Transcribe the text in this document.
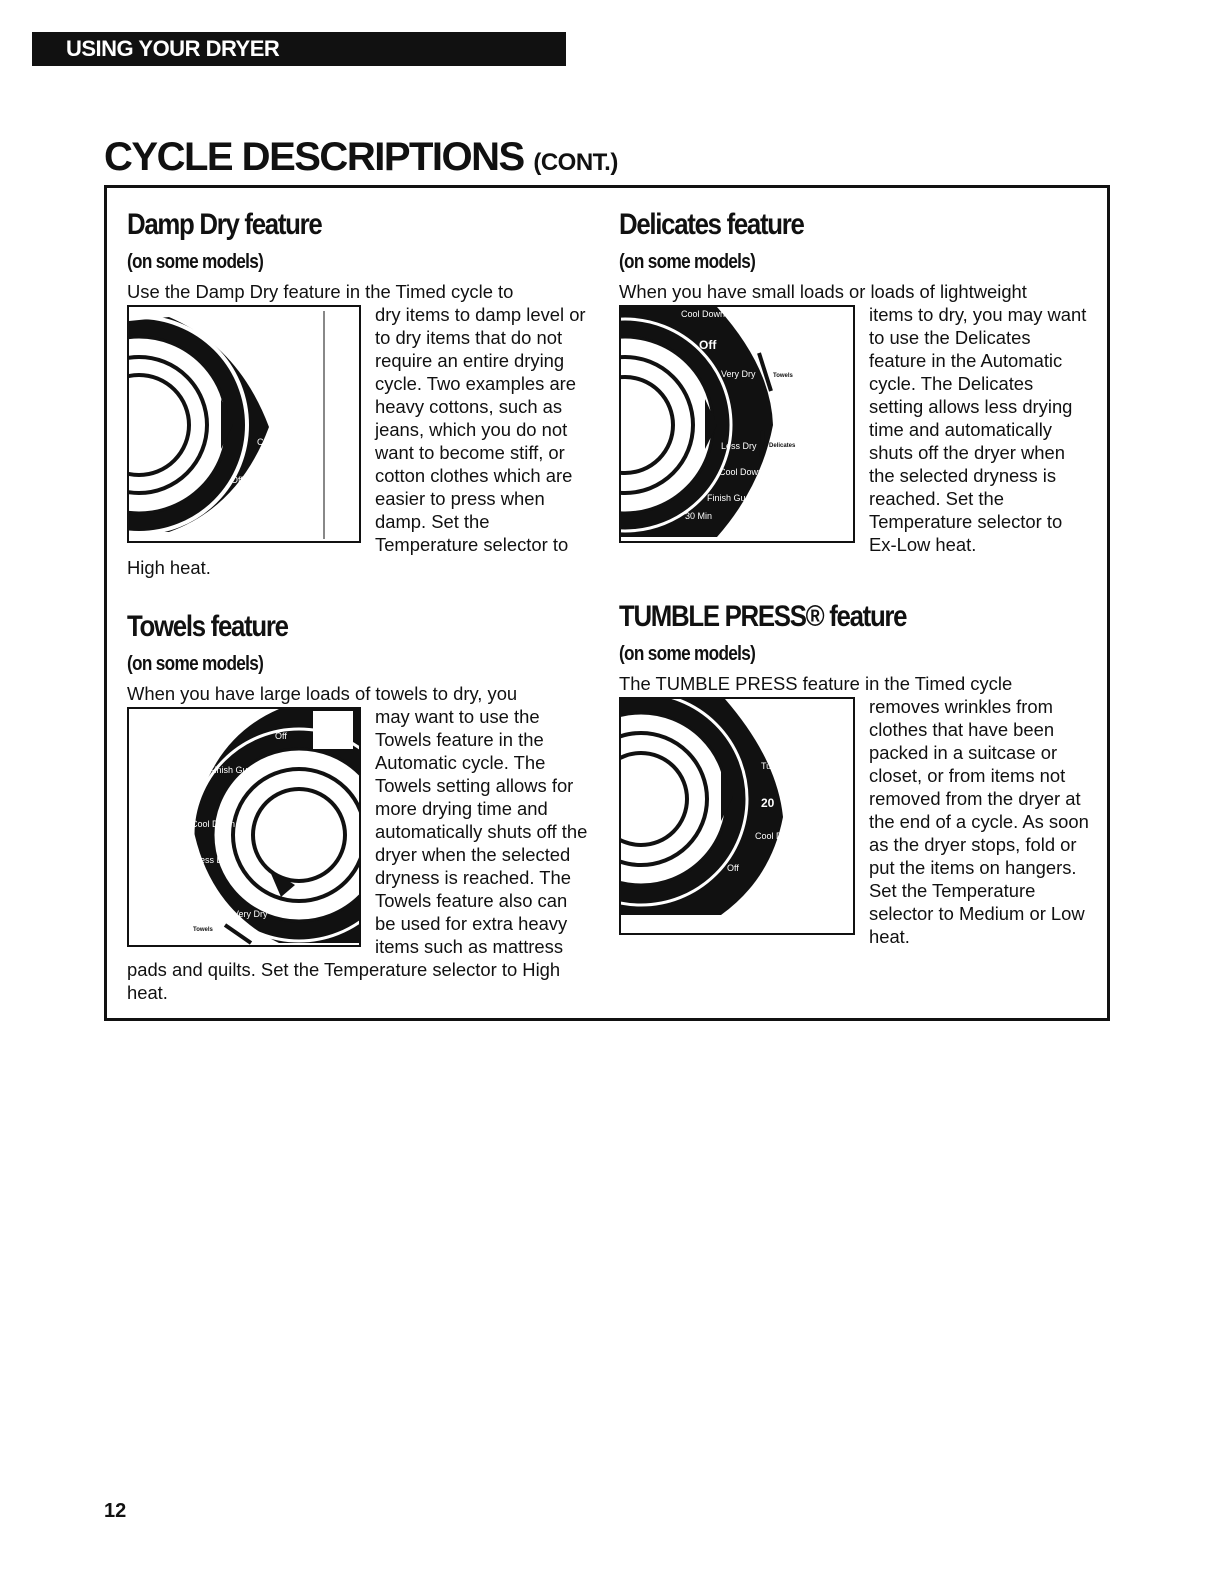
USING YOUR DRYER
CYCLE DESCRIPTIONS (CONT.)
Damp Dry feature
(on some models)

Use the Damp Dry feature in the Timed cycle to
Damp Dry
20
Cool Down
Off
dry items to damp level or to dry items that do not require an entire drying cycle. Two examples are heavy cottons, such as jeans, which you do not want to become stiff, or cotton clothes which are easier to press when damp. Set the Temperature selector to High heat.

Delicates feature
(on some models)

When you have small loads or loads of lightweight
Cool Down
Off
Very Dry
Less Dry
Cool Down
Finish Guard
30 Min
Towels
Delicates
items to dry, you may want to use the Delicates feature in the Automatic cycle. The Delicates setting allows less drying time and automatically shuts off the dryer when the selected dryness is reached. Set the Temperature selector to Ex-Low heat.

Towels feature
(on some models)

When you have large loads of towels to dry, you
Off
Finish Guard
Cool Down
Less Dry
Very Dry
Towels
may want to use the Towels feature in the Automatic cycle. The Towels setting allows for more drying time and automatically shuts off the dryer when the selected dryness is reached. The Towels feature also can be used for extra heavy items such as mattress pads and quilts. Set the Temperature selector to High heat.

TUMBLE PRESS® feature
(on some models)

The TUMBLE PRESS feature in the Timed cycle
Tumble Press
20
Cool Down
Off
removes wrinkles from clothes that have been packed in a suitcase or closet, or from items not removed from the dryer at the end of a cycle. As soon as the dryer stops, fold or put the items on hangers. Set the Temperature selector to Medium or Low heat.

12
